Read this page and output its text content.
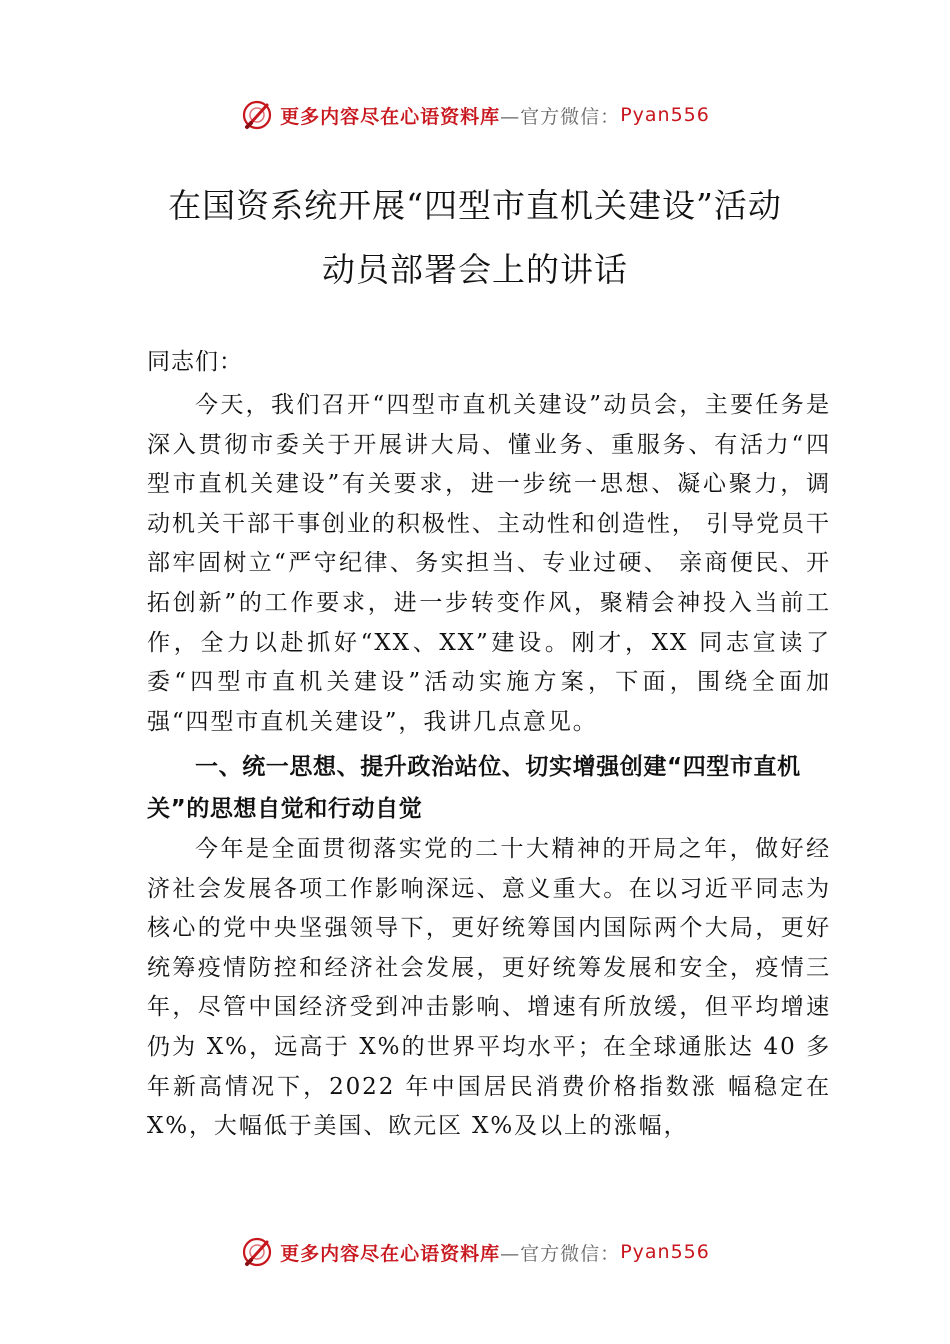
更多内容尽在心语资料库 —官方微信： Pyan556
在国资系统开展“四型市直机关建设”活动
动员部署会上的讲话
同志们：

今天，我们召开“四型市直机关建设”动员会，主要任务是深入贯彻市委关于开展讲大局、懂业务、重服务、有活力“四型市直机关建设”有关要求，进一步统一思想、凝心聚力，调动机关干部干事创业的积极性、主动性和创造性， 引导党员干部牢固树立“严守纪律、务实担当、专业过硬、 亲商便民、开拓创新”的工作要求，进一步转变作风，聚精会神投入当前工作，全力以赴抓好“XX、XX”建设。刚才，XX 同志宣读了委“四型市直机关建设”活动实施方案，下面，围绕全面加强“四型市直机关建设”，我讲几点意见。

一、统一思想、提升政治站位、切实增强创建“四型市直机关”的思想自觉和行动自觉

今年是全面贯彻落实党的二十大精神的开局之年，做好经济社会发展各项工作影响深远、意义重大。在以习近平同志为核心的党中央坚强领导下，更好统筹国内国际两个大局，更好统筹疫情防控和经济社会发展，更好统筹发展和安全，疫情三年，尽管中国经济受到冲击影响、增速有所放缓，但平均增速仍为 X%，远高于 X%的世界平均水平；在全球通胀达 40 多年新高情况下，2022 年中国居民消费价格指数涨 幅稳定在 X%，大幅低于美国、欧元区 X%及以上的涨幅，

更多内容尽在心语资料库 —官方微信： Pyan556
